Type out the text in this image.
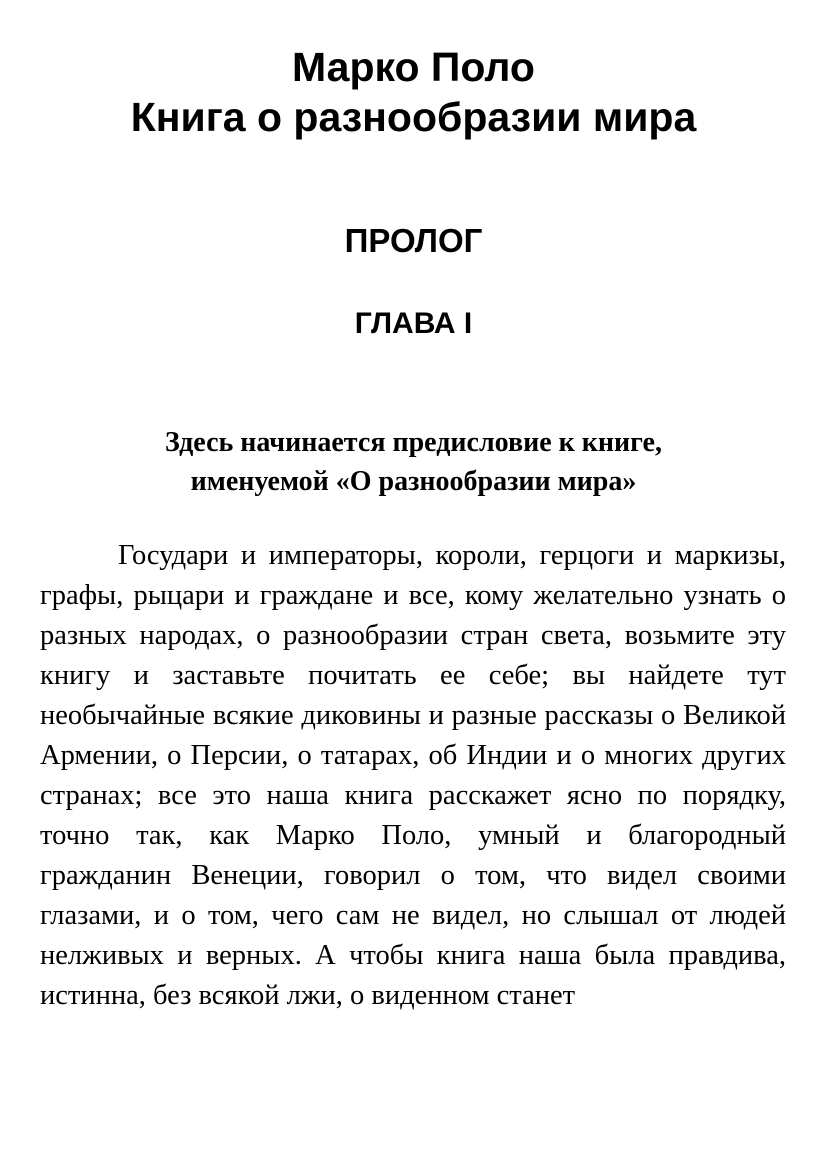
Марко Поло
Книга о разнообразии мира
ПРОЛОГ
ГЛАВА I
Здесь начинается предисловие к книге,
именуемой «О разнообразии мира»

Государи и императоры, короли, герцоги и маркизы, графы, рыцари и граждане и все, кому желательно узнать о разных народах, о разнообразии стран света, возьмите эту книгу и заставьте почитать ее себе; вы найдете тут необычайные всякие диковины и разные рассказы о Великой Армении, о Персии, о татарах, об Индии и о многих других странах; все это наша книга расскажет ясно по порядку, точно так, как Марко Поло, умный и благородный гражданин Венеции, говорил о том, что видел своими глазами, и о том, чего сам не видел, но слышал от людей нелживых и верных. А чтобы книга наша была правдива, истинна, без всякой лжи, о виденном станет
